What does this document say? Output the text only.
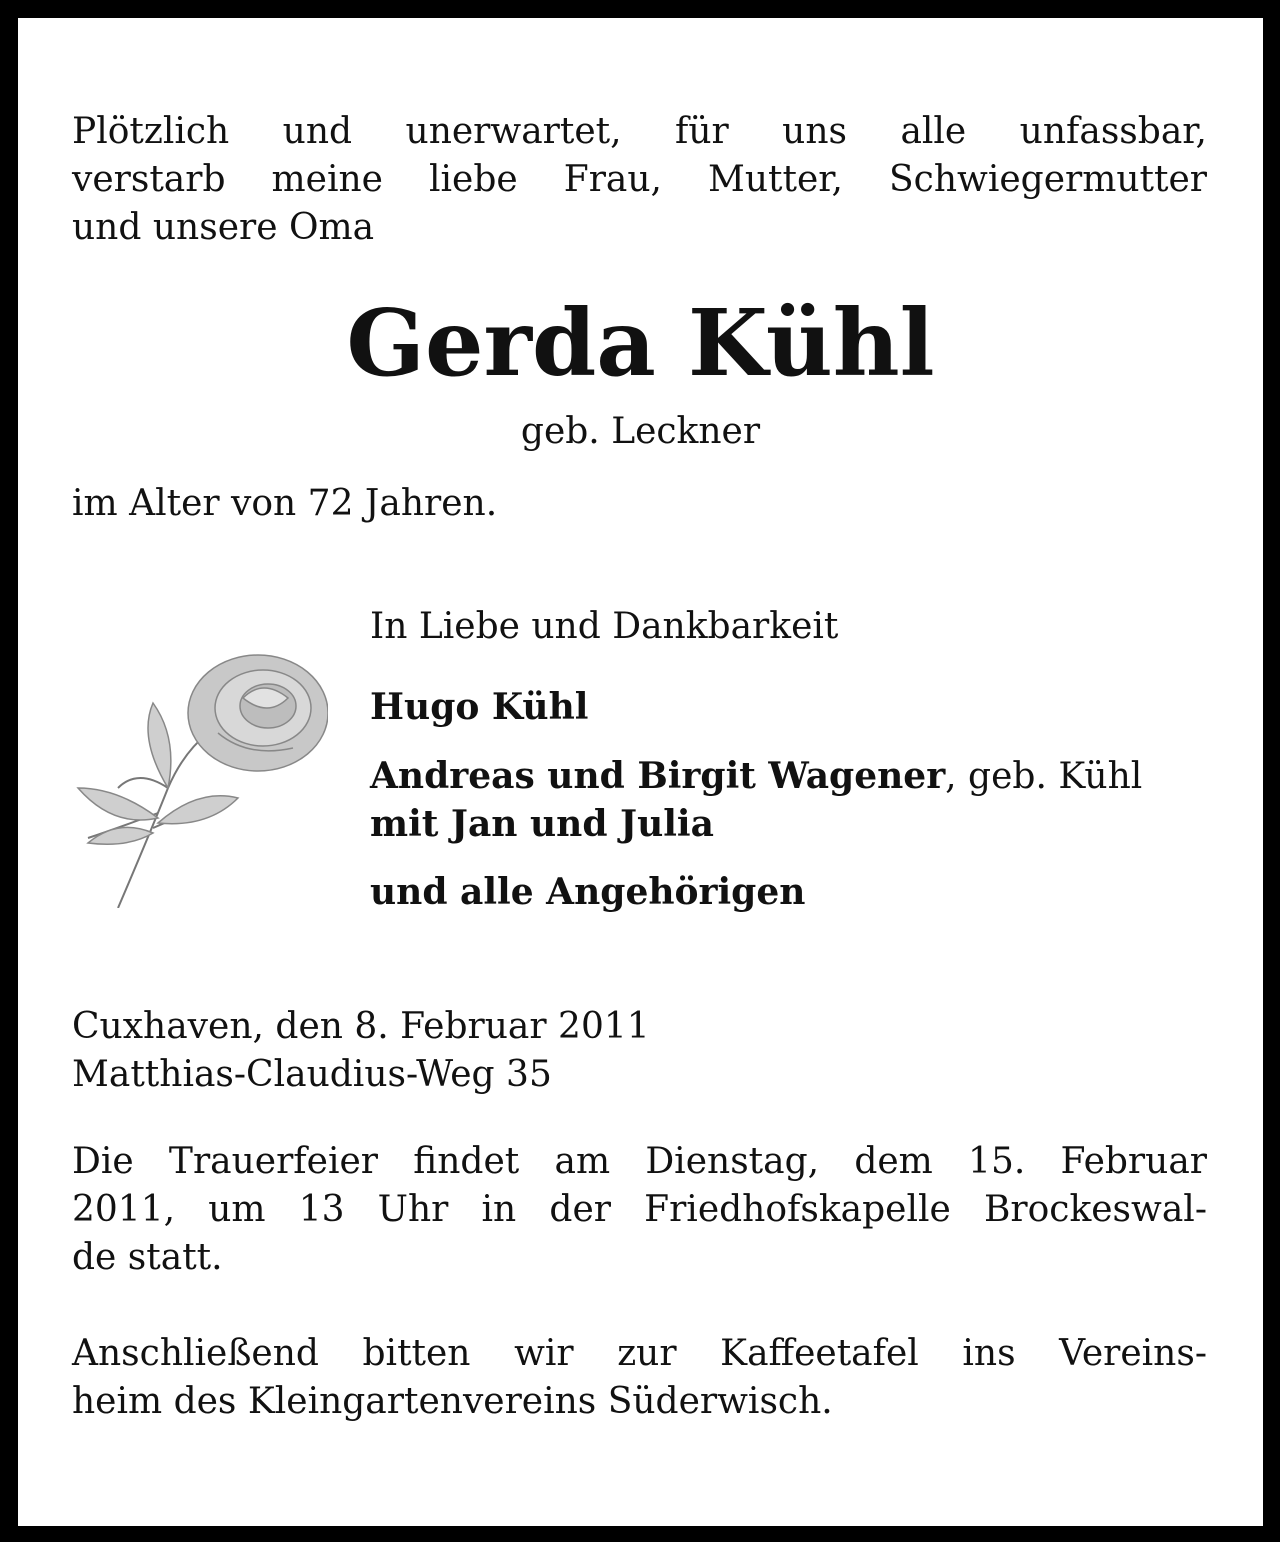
Plötzlich und unerwartet, für uns alle unfassbar,
verstarb meine liebe Frau, Mutter, Schwiegermutter
und unsere Oma

Gerda Kühl
geb. Leckner

im Alter von 72 Jahren.

In Liebe und Dankbarkeit

Hugo Kühl
Andreas und Birgit Wagener, geb. Kühl
mit Jan und Julia
und alle Angehörigen

Cuxhaven, den 8. Februar 2011
Matthias-Claudius-Weg 35

Die Trauerfeier findet am Dienstag, dem 15. Februar
2011, um 13 Uhr in der Friedhofskapelle Brockeswal-
de statt.

Anschließend bitten wir zur Kaffeetafel ins Vereins-
heim des Kleingartenvereins Süderwisch.
